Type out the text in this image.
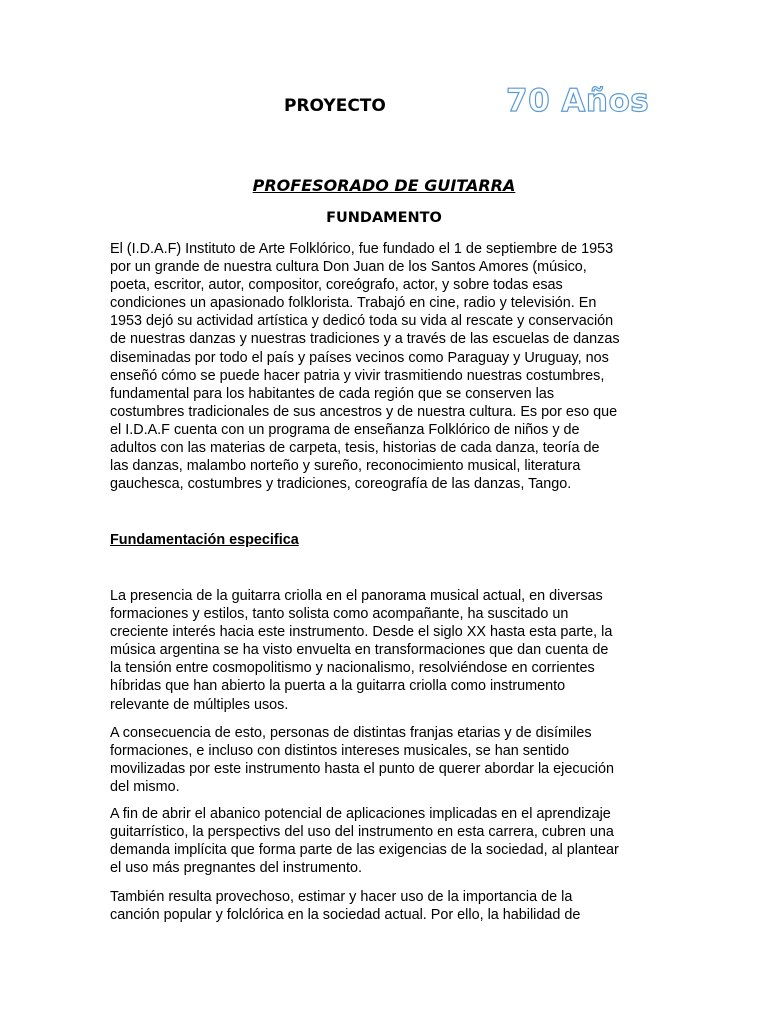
PROYECTO	70 Años
PROFESORADO DE GUITARRA
FUNDAMENTO

El (I.D.A.F) Instituto de Arte Folklórico, fue fundado el 1 de septiembre de 1953
por un grande de nuestra cultura Don Juan de los Santos Amores (músico,
poeta, escritor, autor, compositor, coreógrafo, actor, y sobre todas esas
condiciones un apasionado folklorista. Trabajó en cine, radio y televisión. En
1953 dejó su actividad artística y dedicó toda su vida al rescate y conservación
de nuestras danzas y nuestras tradiciones y a través de las escuelas de danzas
diseminadas por todo el país y países vecinos como Paraguay y Uruguay, nos
enseñó cómo se puede hacer patria y vivir trasmitiendo nuestras costumbres,
fundamental para los habitantes de cada región que se conserven las
costumbres tradicionales de sus ancestros y de nuestra cultura. Es por eso que
el I.D.A.F cuenta con un programa de enseñanza Folklórico de niños y de
adultos con las materias de carpeta, tesis, historias de cada danza, teoría de
las danzas, malambo norteño y sureño, reconocimiento musical, literatura
gauchesca, costumbres y tradiciones, coreografía de las danzas, Tango.

Fundamentación especifica

La presencia de la guitarra criolla en el panorama musical actual, en diversas
formaciones y estilos, tanto solista como acompañante, ha suscitado un
creciente interés hacia este instrumento. Desde el siglo XX hasta esta parte, la
música argentina se ha visto envuelta en transformaciones que dan cuenta de
la tensión entre cosmopolitismo y nacionalismo, resolviéndose en corrientes
híbridas que han abierto la puerta a la guitarra criolla como instrumento
relevante de múltiples usos.

A consecuencia de esto, personas de distintas franjas etarias y de disímiles
formaciones, e incluso con distintos intereses musicales, se han sentido
movilizadas por este instrumento hasta el punto de querer abordar la ejecución
del mismo.

A fin de abrir el abanico potencial de aplicaciones implicadas en el aprendizaje
guitarrístico, la perspectivs del uso del instrumento en esta carrera, cubren una
demanda implícita que forma parte de las exigencias de la sociedad, al plantear
el uso más pregnantes del instrumento.

También resulta provechoso, estimar y hacer uso de la importancia de la
canción popular y folclórica en la sociedad actual. Por ello, la habilidad de
